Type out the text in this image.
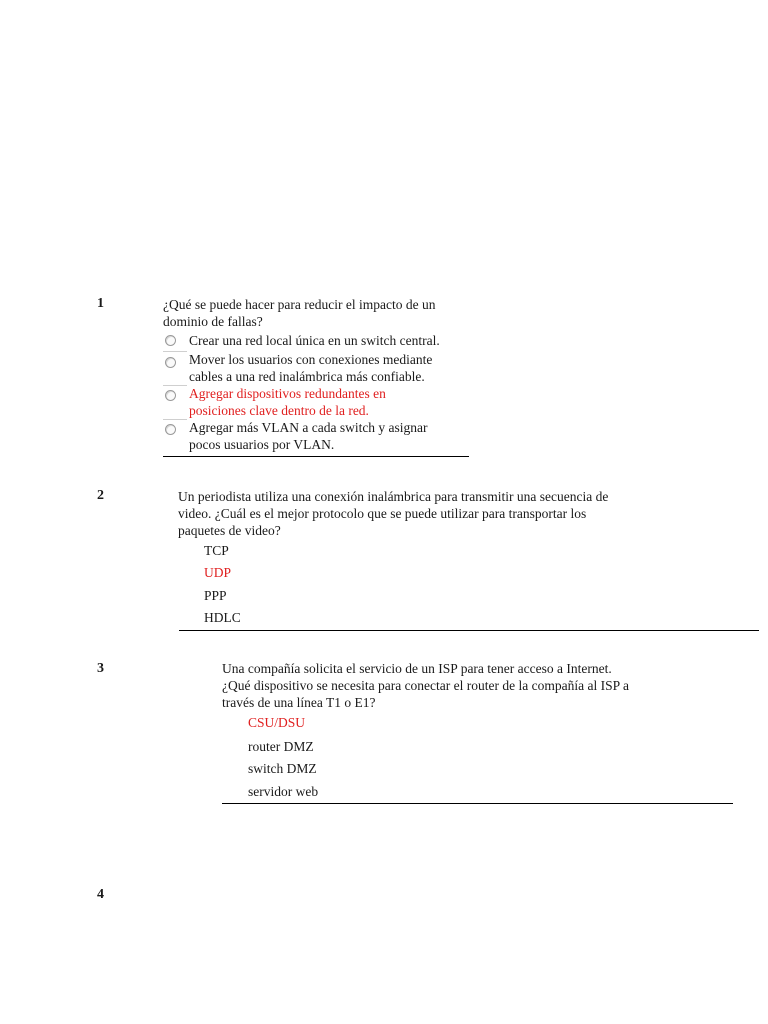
1	¿Qué se puede hacer para reducir el impacto de un
dominio de fallas?
Crear una red local única en un switch central.
Mover los usuarios con conexiones mediante
cables a una red inalámbrica más confiable.
Agregar dispositivos redundantes en
posiciones clave dentro de la red.
Agregar más VLAN a cada switch y asignar
pocos usuarios por VLAN.
2	Un periodista utiliza una conexión inalámbrica para transmitir una secuencia de
video. ¿Cuál es el mejor protocolo que se puede utilizar para transportar los
paquetes de video?
TCP
UDP
PPP
HDLC
3	Una compañía solicita el servicio de un ISP para tener acceso a Internet.
¿Qué dispositivo se necesita para conectar el router de la compañía al ISP a
través de una línea T1 o E1?
CSU/DSU
router DMZ
switch DMZ
servidor web
4
